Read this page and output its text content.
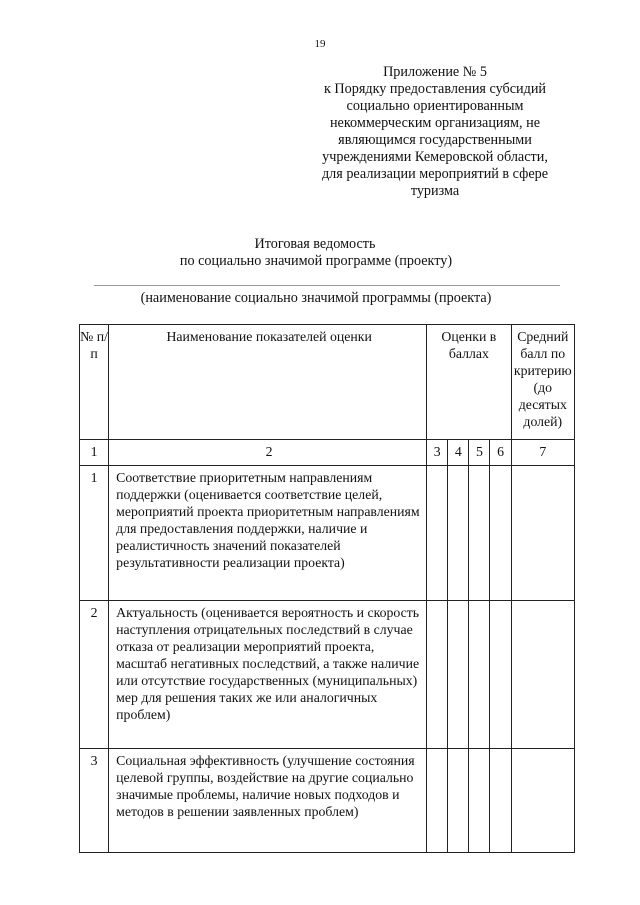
19
Приложение № 5
к Порядку предоставления субсидий
социально ориентированным
некоммерческим организациям, не
являющимся государственными
учреждениями Кемеровской области,
для реализации мероприятий в сфере
туризма
Итоговая ведомость
по социально значимой программе (проекту)
(наименование социально значимой программы (проекта)
№ п/п	Наименование показателей оценки	Оценки в баллах				Средний балл по критерию (до десятых долей)
1	2	3	4	5	6	7
1	Соответствие приоритетным направлениям поддержки (оценивается соответствие целей, мероприятий проекта приоритетным направлениям для предоставления поддержки, наличие и реалистичность значений показателей результативности реализации проекта)					
2	Актуальность (оценивается вероятность и скорость наступления отрицательных последствий в случае отказа от реализации мероприятий проекта, масштаб негативных последствий, а также наличие или отсутствие государственных (муниципальных) мер для решения таких же или аналогичных проблем)					
3	Социальная эффективность (улучшение состояния целевой группы, воздействие на другие социально значимые проблемы, наличие новых подходов и методов в решении заявленных проблем)					
